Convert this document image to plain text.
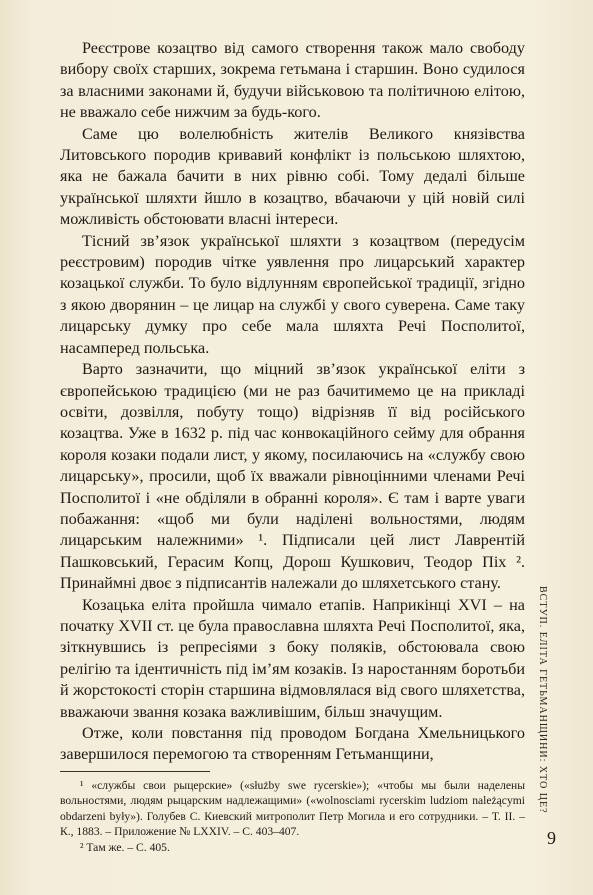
Реєстрове козацтво від самого створення також мало свободу вибору своїх старших, зокрема гетьмана і старшин. Воно судилося за власними законами й, будучи військовою та політичною елітою, не вважало себе нижчим за будь-кого.

Саме цю волелюбність жителів Великого князівства Литовського породив кривавий конфлікт із польською шляхтою, яка не бажала бачити в них рівню собі. Тому дедалі більше української шляхти йшло в козацтво, вбачаючи у цій новій силі можливість обстоювати власні інтереси.

Тісний зв’язок української шляхти з козацтвом (передусім реєстровим) породив чітке уявлення про лицарський характер козацької служби. То було відлунням європейської традиції, згідно з якою дворянин – це лицар на службі у свого суверена. Саме таку лицарську думку про себе мала шляхта Речі Посполитої, насамперед польська.

Варто зазначити, що міцний зв’язок української еліти з європейською традицією (ми не раз бачитимемо це на прикладі освіти, дозвілля, побуту тощо) відрізняв її від російського козацтва. Уже в 1632 р. під час конвокаційного сейму для обрання короля козаки подали лист, у якому, посилаючись на «службу свою лицарську», просили, щоб їх вважали рівноцінними членами Речі Посполитої і «не обділяли в обранні короля». Є там і варте уваги побажання: «щоб ми були наділені вольностями, людям лицарським належними» ¹. Підписали цей лист Лаврентій Пашковський, Герасим Копц, Дорош Кушкович, Теодор Піх ². Принаймні двоє з підписантів належали до шляхетського стану.

Козацька еліта пройшла чимало етапів. Наприкінці XVI – на початку XVII ст. це була православна шляхта Речі Посполитої, яка, зіткнувшись із репресіями з боку поляків, обстоювала свою релігію та ідентичність під ім’ям козаків. Із наростанням боротьби й жорстокості сторін старшина відмовлялася від свого шляхетства, вважаючи звання козака важливішим, більш значущим.

Отже, коли повстання під проводом Богдана Хмельницького завершилося перемогою та створенням Гетьманщини,

¹ «службы свои рыцерские» («służby swe rycerskie»); «чтобы мы были наделены вольностями, людям рыцарским надлежащими» («wolnosciami rycerskim ludziom należącymi obdarzeni były»). Голубев С. Киевский митрополит Петр Могила и его сотрудники. – Т. II. – К., 1883. – Приложение № LXXIV. – С. 403–407.

² Там же. – С. 405.

ВСТУП. ЕЛІТА ГЕТЬМАНЩИНИ: ХТО ЦЕ?
9
